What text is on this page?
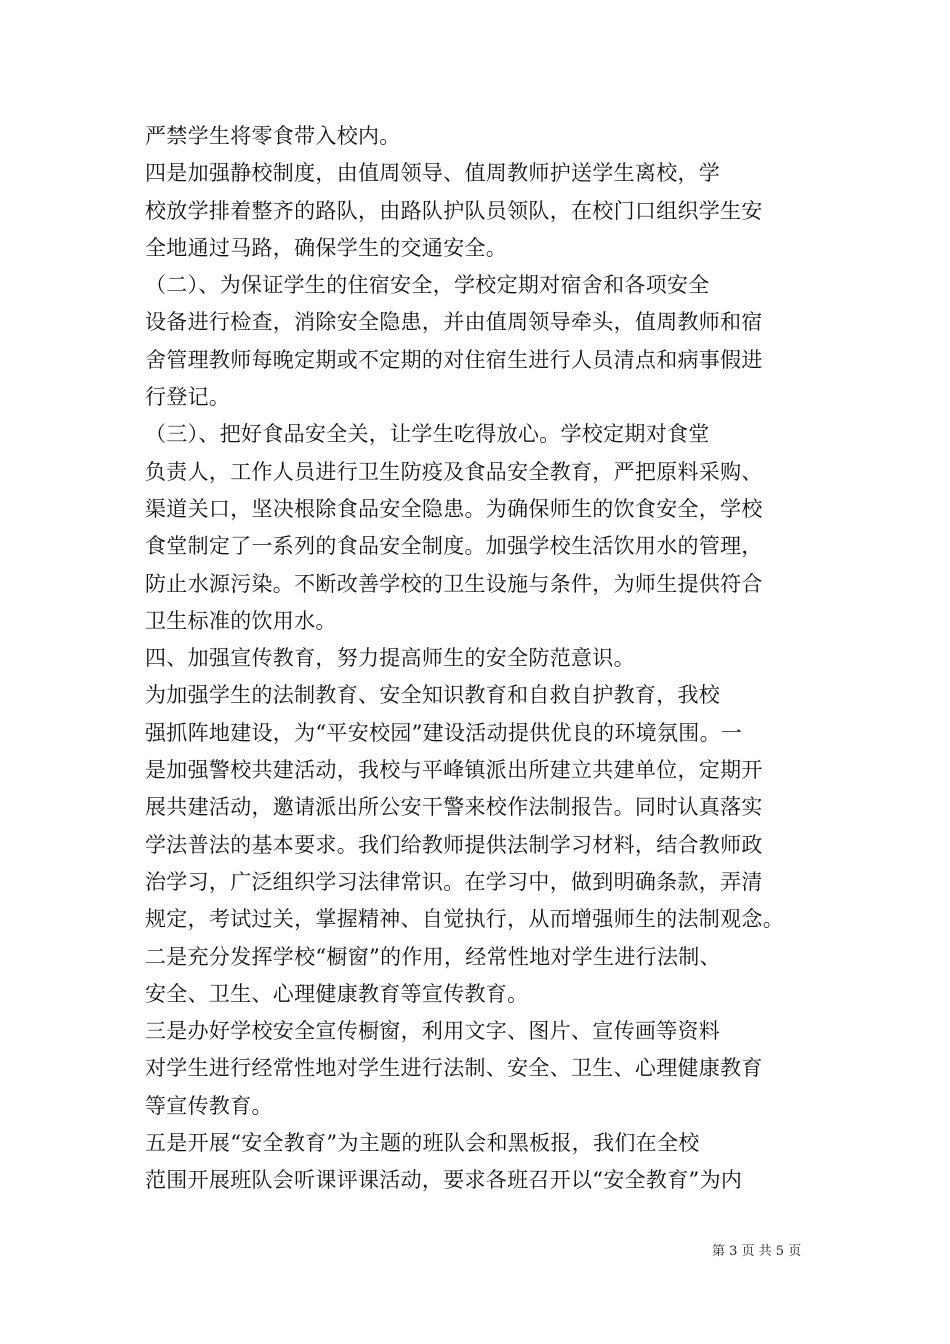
严禁学生将零食带入校内。
四是加强静校制度，由值周领导、值周教师护送学生离校，学
校放学排着整齐的路队，由路队护队员领队，在校门口组织学生安
全地通过马路，确保学生的交通安全。
（二）、为保证学生的住宿安全，学校定期对宿舍和各项安全
设备进行检查，消除安全隐患，并由值周领导牵头，值周教师和宿
舍管理教师每晚定期或不定期的对住宿生进行人员清点和病事假进
行登记。
（三）、把好食品安全关，让学生吃得放心。学校定期对食堂
负责人，工作人员进行卫生防疫及食品安全教育，严把原料采购、
渠道关口，坚决根除食品安全隐患。为确保师生的饮食安全，学校
食堂制定了一系列的食品安全制度。加强学校生活饮用水的管理，
防止水源污染。不断改善学校的卫生设施与条件，为师生提供符合
卫生标准的饮用水。
四、加强宣传教育，努力提高师生的安全防范意识。
为加强学生的法制教育、安全知识教育和自救自护教育，我校
强抓阵地建设，为“平安校园”建设活动提供优良的环境氛围。一
是加强警校共建活动，我校与平峰镇派出所建立共建单位，定期开
展共建活动，邀请派出所公安干警来校作法制报告。同时认真落实
学法普法的基本要求。我们给教师提供法制学习材料，结合教师政
治学习，广泛组织学习法律常识。在学习中，做到明确条款，弄清
规定，考试过关，掌握精神、自觉执行，从而增强师生的法制观念。
二是充分发挥学校“橱窗”的作用，经常性地对学生进行法制、
安全、卫生、心理健康教育等宣传教育。
三是办好学校安全宣传橱窗，利用文字、图片、宣传画等资料
对学生进行经常性地对学生进行法制、安全、卫生、心理健康教育
等宣传教育。
五是开展“安全教育”为主题的班队会和黑板报，我们在全校
范围开展班队会听课评课活动，要求各班召开以“安全教育”为内
第 3 页 共 5 页
